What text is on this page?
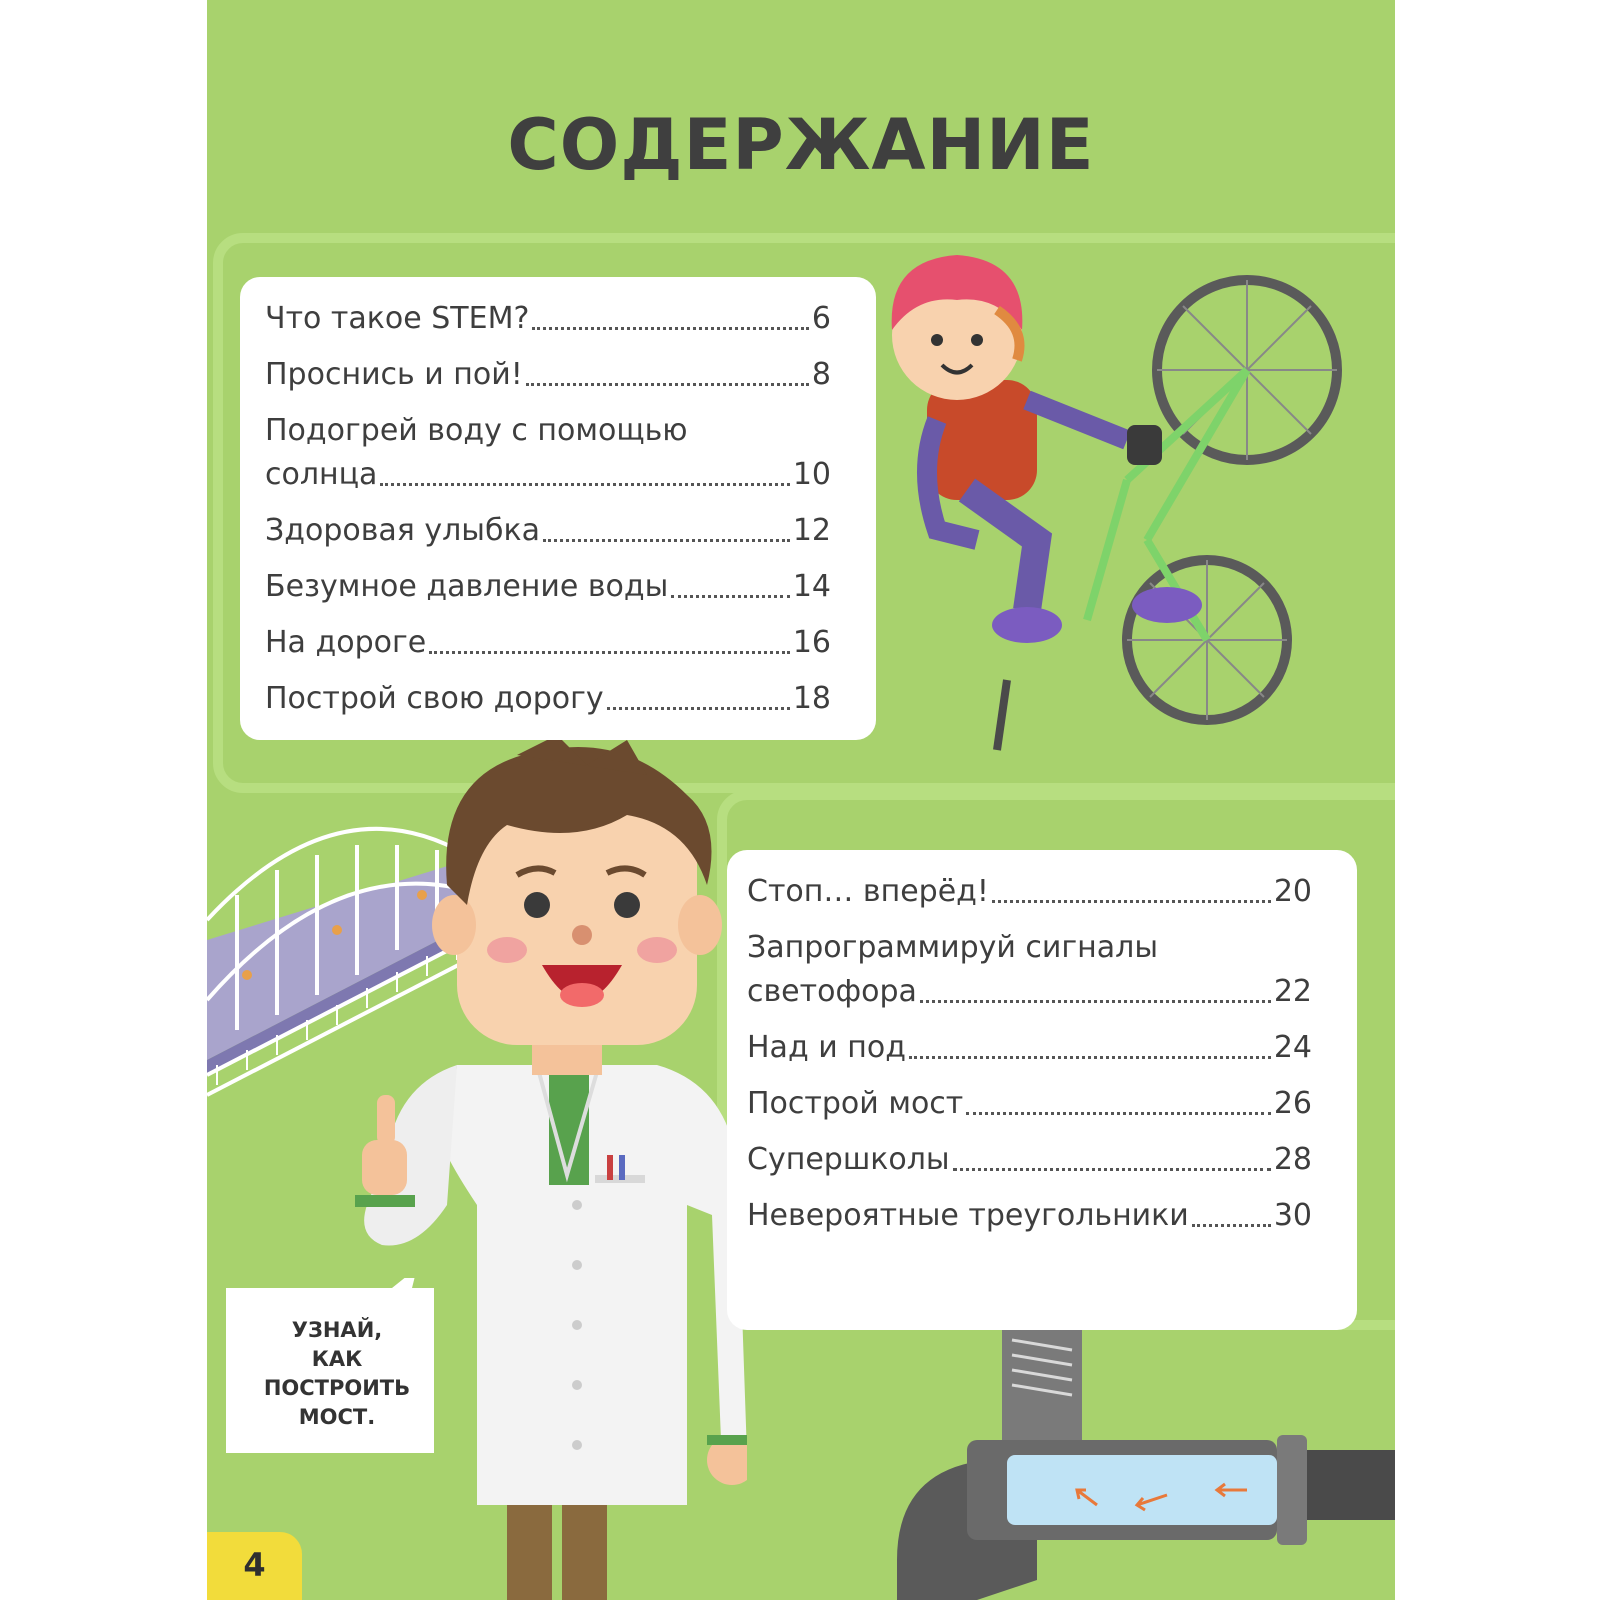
СОДЕРЖАНИЕ
Что такое STEM?	6
Проснись и пой!	8
Подогрей воду с помощью
солнца	10
Здоровая улыбка	12
Безумное давление воды	14
На дороге	16
Построй свою дорогу	18
Стоп… вперёд!	20
Запрограммируй сигналы
светофора	22
Над и под	24
Построй мост	26
Супершколы	28
Невероятные треугольники	30
УЗНАЙ,
КАК
ПОСТРОИТЬ
МОСТ.
4
